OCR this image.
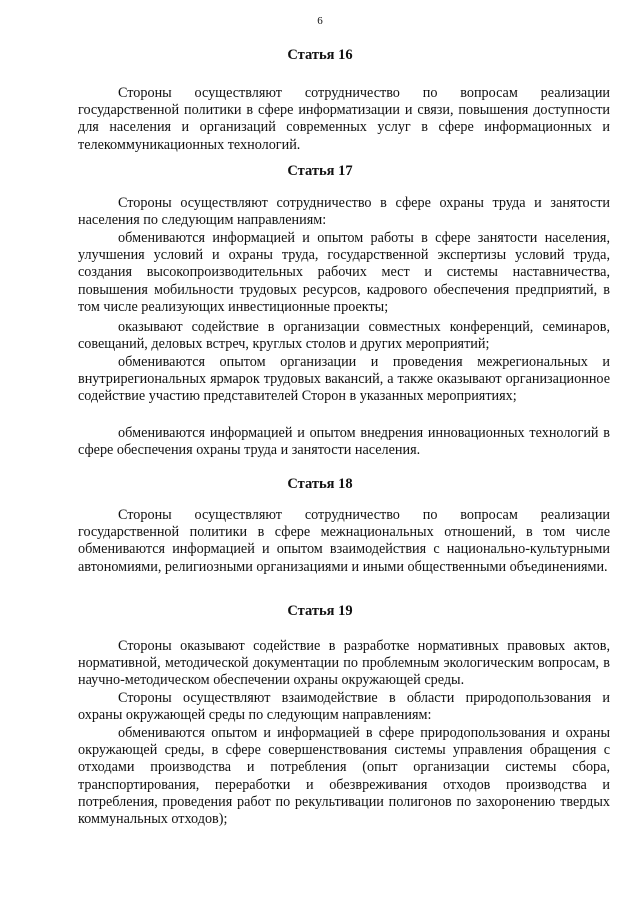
6
Статья 16
Стороны осуществляют сотрудничество по вопросам реализации государственной политики в сфере информатизации и связи, повышения доступности для населения и организаций современных услуг в сфере информационных и телекоммуникационных технологий.
Статья 17
Стороны осуществляют сотрудничество в сфере охраны труда и занятости населения по следующим направлениям:
обмениваются информацией и опытом работы в сфере занятости населения, улучшения условий и охраны труда, государственной экспертизы условий труда, создания высокопроизводительных рабочих мест и системы наставничества, повышения мобильности трудовых ресурсов, кадрового обеспечения предприятий, в том числе реализующих инвестиционные проекты;
оказывают содействие в организации совместных конференций, семинаров, совещаний, деловых встреч, круглых столов и других мероприятий;
обмениваются опытом организации и проведения межрегиональных и внутрирегиональных ярмарок трудовых вакансий, а также оказывают организационное содействие участию представителей Сторон в указанных мероприятиях;
обмениваются информацией и опытом внедрения инновационных технологий в сфере обеспечения охраны труда и занятости населения.
Статья 18
Стороны осуществляют сотрудничество по вопросам реализации государственной политики в сфере межнациональных отношений, в том числе обмениваются информацией и опытом взаимодействия с национально-культурными автономиями, религиозными организациями и иными общественными объединениями.
Статья 19
Стороны оказывают содействие в разработке нормативных правовых актов, нормативной, методической документации по проблемным экологическим вопросам, в научно-методическом обеспечении охраны окружающей среды.
Стороны осуществляют взаимодействие в области природопользования и охраны окружающей среды по следующим направлениям:
обмениваются опытом и информацией в сфере природопользования и охраны окружающей среды, в сфере совершенствования системы управления обращения с отходами производства и потребления (опыт организации системы сбора, транспортирования, переработки и обезвреживания отходов производства и потребления, проведения работ по рекультивации полигонов по захоронению твердых коммунальных отходов);
